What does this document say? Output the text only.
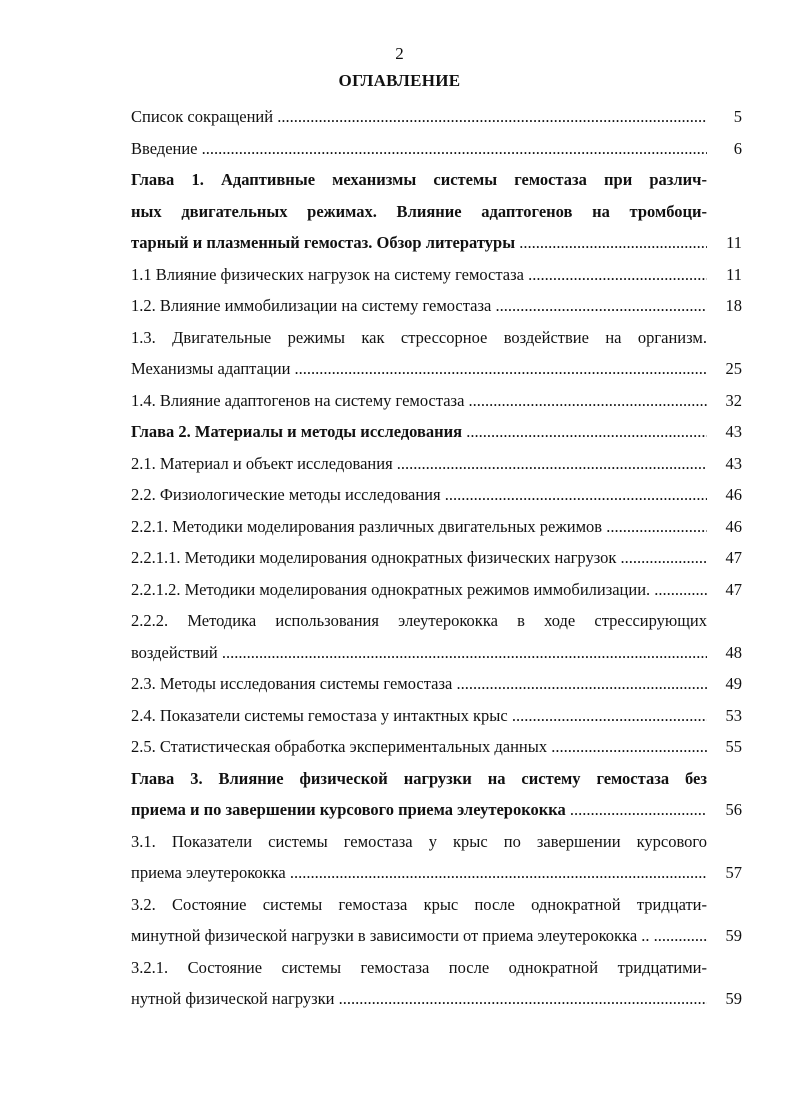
2
ОГЛАВЛЕНИЕ
Список сокращений .....	5
Введение .....	6
Глава 1. Адаптивные механизмы системы гемостаза при различ-
ных двигательных режимах. Влияние адаптогенов на тромбоци-
тарный и плазменный гемостаз. Обзор литературы .....	11
1.1 Влияние физических нагрузок на систему гемостаза .....	11
1.2. Влияние иммобилизации на систему гемостаза .....	18
1.3. Двигательные режимы как стрессорное воздействие на организм.
Механизмы адаптации .....	25
1.4. Влияние адаптогенов на систему гемостаза .....	32
Глава 2. Материалы и методы исследования .....	43
2.1. Материал и объект исследования .....	43
2.2. Физиологические методы исследования .....	46
2.2.1. Методики моделирования различных двигательных режимов .....	46
2.2.1.1. Методики моделирования однократных физических нагрузок .....	47
2.2.1.2. Методики моделирования однократных режимов иммобилизации. .....	47
2.2.2. Методика использования элеутерококка в ходе стрессирующих
воздействий .....	48
2.3. Методы исследования системы гемостаза .....	49
2.4. Показатели системы гемостаза у интактных крыс .....	53
2.5. Статистическая обработка экспериментальных данных .....	55
Глава 3. Влияние физической нагрузки на систему гемостаза без
приема и по завершении курсового приема элеутерококка .....	56
3.1. Показатели системы гемостаза у крыс по завершении курсового
приема элеутерококка .....	57
3.2. Состояние системы гемостаза крыс после однократной тридцати-
минутной физической нагрузки в зависимости от приема элеутерококка .. .....	59
3.2.1. Состояние системы гемостаза после однократной тридцатими-
нутной физической нагрузки .....	59
